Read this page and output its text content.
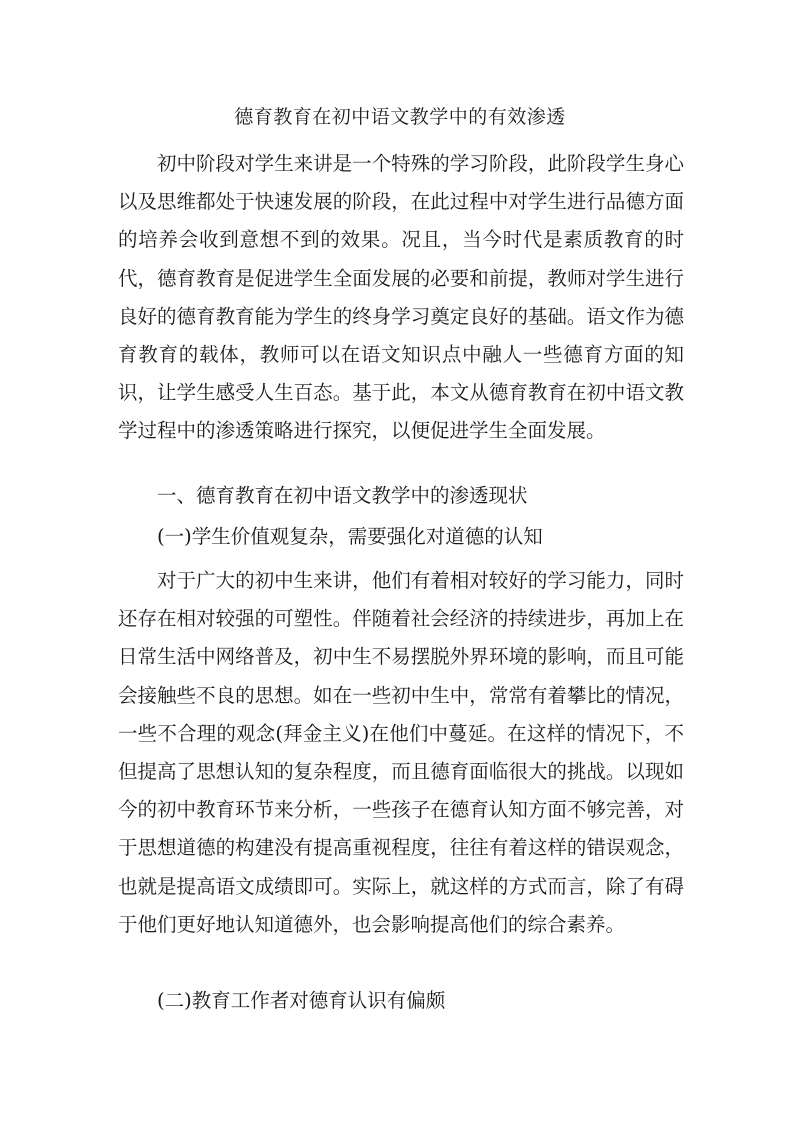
德育教育在初中语文教学中的有效渗透

初中阶段对学生来讲是一个特殊的学习阶段，此阶段学生身心以及思维都处于快速发展的阶段，在此过程中对学生进行品德方面的培养会收到意想不到的效果。况且，当今时代是素质教育的时代，德育教育是促进学生全面发展的必要和前提，教师对学生进行良好的德育教育能为学生的终身学习奠定良好的基础。语文作为德育教育的载体，教师可以在语文知识点中融人一些德育方面的知识，让学生感受人生百态。基于此，本文从德育教育在初中语文教学过程中的渗透策略进行探究，以便促进学生全面发展。

一、德育教育在初中语文教学中的渗透现状

(一)学生价值观复杂，需要强化对道德的认知

对于广大的初中生来讲，他们有着相对较好的学习能力，同时还存在相对较强的可塑性。伴随着社会经济的持续进步，再加上在日常生活中网络普及，初中生不易摆脱外界环境的影响，而且可能会接触些不良的思想。如在一些初中生中，常常有着攀比的情况，一些不合理的观念(拜金主义)在他们中蔓延。在这样的情况下，不但提高了思想认知的复杂程度，而且德育面临很大的挑战。以现如今的初中教育环节来分析，一些孩子在德育认知方面不够完善，对于思想道德的构建没有提高重视程度，往往有着这样的错误观念，也就是提高语文成绩即可。实际上，就这样的方式而言，除了有碍于他们更好地认知道德外，也会影响提高他们的综合素养。

(二)教育工作者对德育认识有偏颇
